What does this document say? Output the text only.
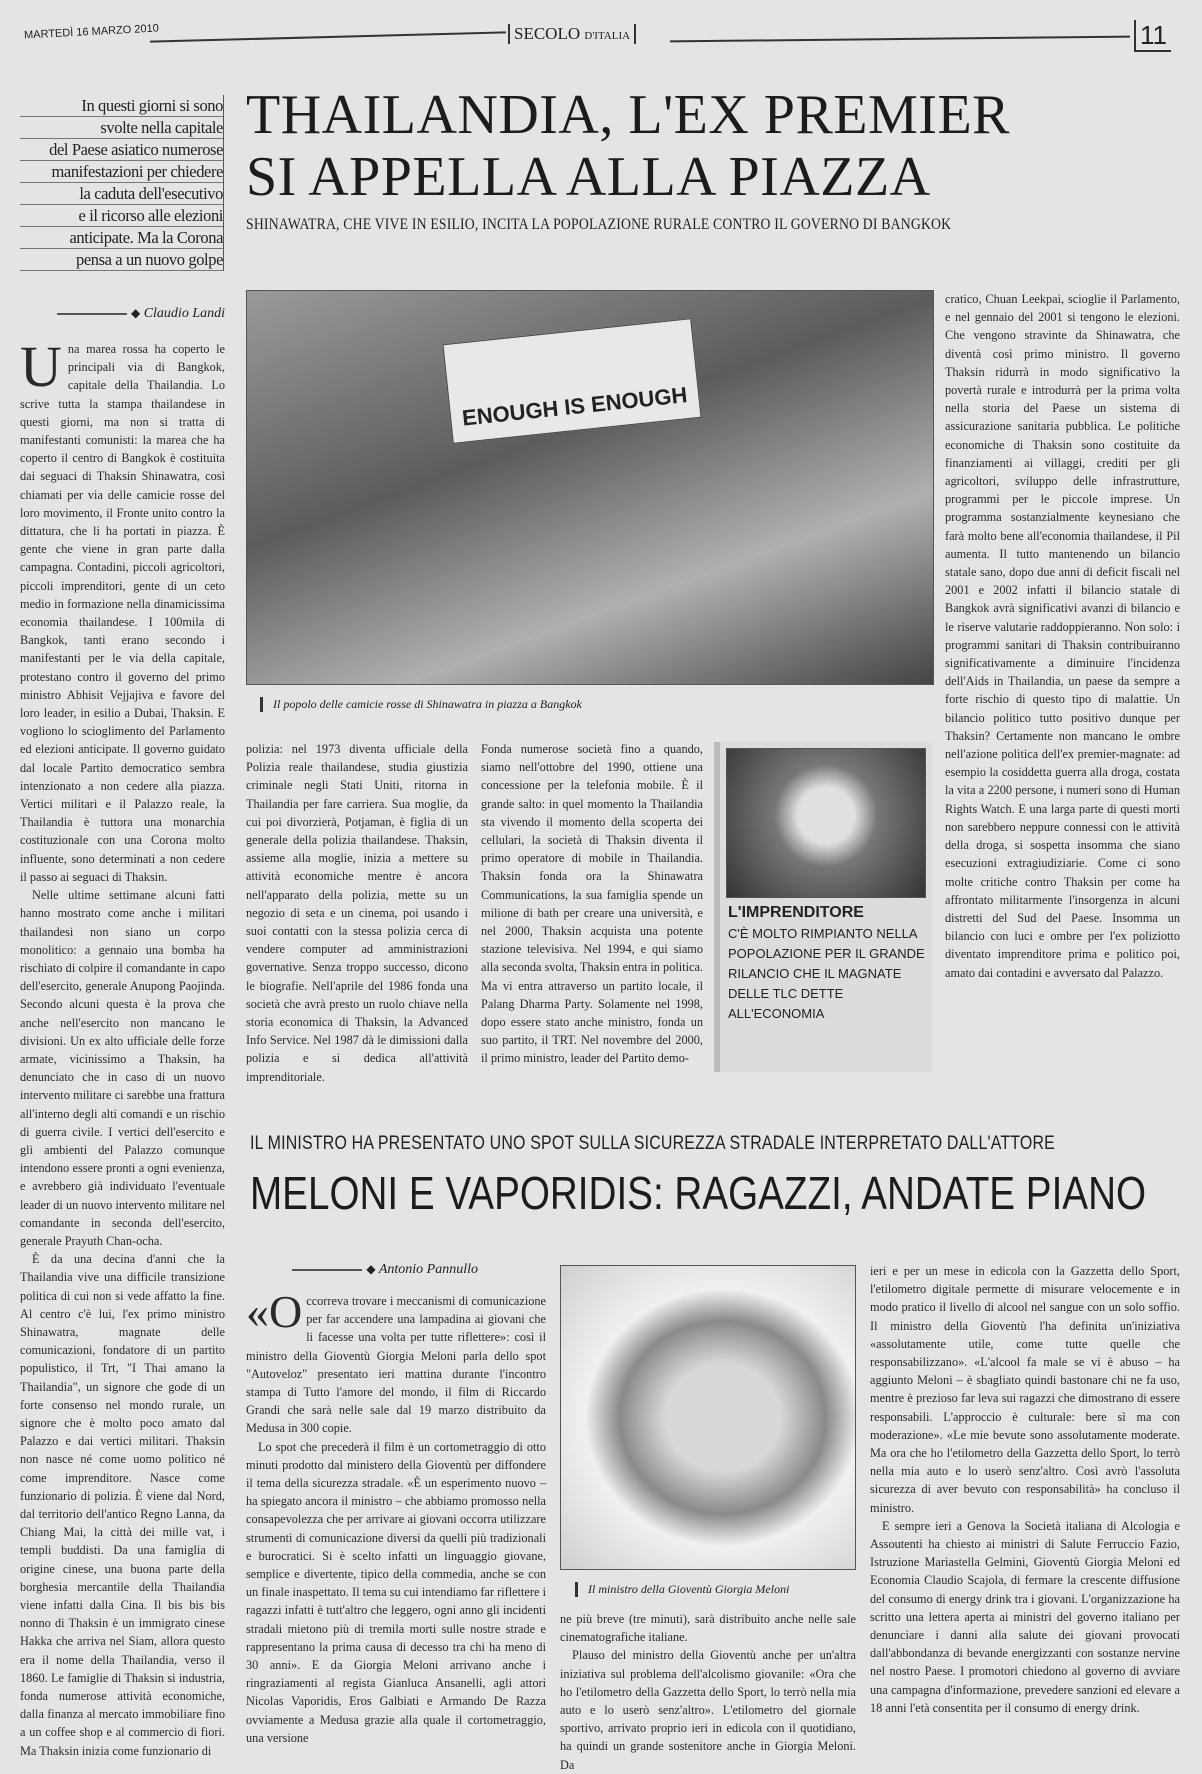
MARTEDÌ 16 MARZO 2010	SECOLO D'ITALIA	11
In questi giorni si sono
svolte nella capitale
del Paese asiatico numerose
manifestazioni per chiedere
la caduta dell'esecutivo
e il ricorso alle elezioni
anticipate. Ma la Corona
pensa a un nuovo golpe
THAILANDIA, L'EX PREMIER
SI APPELLA ALLA PIAZZA
SHINAWATRA, CHE VIVE IN ESILIO, INCITA LA POPOLAZIONE RURALE CONTRO IL GOVERNO DI BANGKOK
◆ Claudio Landi

Una marea rossa ha coperto le principali via di Bangkok, capitale della Thailandia. Lo scrive tutta la stampa thailandese in questi giorni, ma non si tratta di manifestanti comunisti: la marea che ha coperto il centro di Bangkok è costituita dai seguaci di Thaksin Shinawatra, così chiamati per via delle camicie rosse del loro movimento, il Fronte unito contro la dittatura, che li ha portati in piazza. È gente che viene in gran parte dalla campagna. Contadini, piccoli agricoltori, piccoli imprenditori, gente di un ceto medio in formazione nella dinamicissima economia thailandese. I 100mila di Bangkok, tanti erano secondo i manifestanti per le via della capitale, protestano contro il governo del primo ministro Abhisit Vejjajiva e favore del loro leader, in esilio a Dubai, Thaksin. E vogliono lo scioglimento del Parlamento ed elezioni anticipate. Il governo guidato dal locale Partito democratico sembra intenzionato a non cedere alla piazza. Vertici militari e il Palazzo reale, la Thailandia è tuttora una monarchia costituzionale con una Corona molto influente, sono determinati a non cedere il passo ai seguaci di Thaksin.

Nelle ultime settimane alcuni fatti hanno mostrato come anche i militari thailandesi non siano un corpo monolitico: a gennaio una bomba ha rischiato di colpire il comandante in capo dell'esercito, generale Anupong Paojinda. Secondo alcuni questa è la prova che anche nell'esercito non mancano le divisioni. Un ex alto ufficiale delle forze armate, vicinissimo a Thaksin, ha denunciato che in caso di un nuovo intervento militare ci sarebbe una frattura all'interno degli alti comandi e un rischio di guerra civile. I vertici dell'esercito e gli ambienti del Palazzo comunque intendono essere pronti a ogni evenienza, e avrebbero già individuato l'eventuale leader di un nuovo intervento militare nel comandante in seconda dell'esercito, generale Prayuth Chan-ocha.

È da una decina d'anni che la Thailandia vive una difficile transizione politica di cui non si vede affatto la fine. Al centro c'è lui, l'ex primo ministro Shinawatra, magnate delle comunicazioni, fondatore di un partito populistico, il Trt, "I Thai amano la Thailandia", un signore che gode di un forte consenso nel mondo rurale, un signore che è molto poco amato dal Palazzo e dai vertici militari. Thaksin non nasce né come uomo politico né come imprenditore. Nasce come funzionario di polizia. È viene dal Nord, dal territorio dell'antico Regno Lanna, da Chiang Mai, la città dei mille vat, i templi buddisti. Da una famiglia di origine cinese, una buona parte della borghesia mercantile della Thailandia viene infatti dalla Cina. Il bis bis bis nonno di Thaksin è un immigrato cinese Hakka che arriva nel Siam, allora questo era il nome della Thailandia, verso il 1860. Le famiglie di Thaksin si industria, fonda numerose attività economiche, dalla finanza al mercato immobiliare fino a un coffee shop e al commercio di fiori. Ma Thaksin inizia come funzionario di

ENOUGH IS ENOUGH
Il popolo delle camicie rosse di Shinawatra in piazza a Bangkok

polizia: nel 1973 diventa ufficiale della Polizia reale thailandese, studia giustizia criminale negli Stati Uniti, ritorna in Thailandia per fare carriera. Sua moglie, da cui poi divorzierà, Potjaman, è figlia di un generale della polizia thailandese. Thaksin, assieme alla moglie, inizia a mettere su attività economiche mentre è ancora nell'apparato della polizia, mette su un negozio di seta e un cinema, poi usando i suoi contatti con la stessa polizia cerca di vendere computer ad amministrazioni governative. Senza troppo successo, dicono le biografie. Nell'aprile del 1986 fonda una società che avrà presto un ruolo chiave nella storia economica di Thaksin, la Advanced Info Service. Nel 1987 dà le dimissioni dalla polizia e si dedica all'attività imprenditoriale.

Fonda numerose società fino a quando, siamo nell'ottobre del 1990, ottiene una concessione per la telefonia mobile. È il grande salto: in quel momento la Thailandia sta vivendo il momento della scoperta dei cellulari, la società di Thaksin diventa il primo operatore di mobile in Thailandia. Thaksin fonda ora la Shinawatra Communications, la sua famiglia spende un milione di bath per creare una università, e nel 2000, Thaksin acquista una potente stazione televisiva. Nel 1994, e qui siamo alla seconda svolta, Thaksin entra in politica. Ma vi entra attraverso un partito locale, il Palang Dharma Party. Solamente nel 1998, dopo essere stato anche ministro, fonda un suo partito, il TRT. Nel novembre del 2000, il primo ministro, leader del Partito demo-

L'IMPRENDITORE
C'È MOLTO RIMPIANTO NELLA POPOLAZIONE PER IL GRANDE RILANCIO CHE IL MAGNATE DELLE TLC DETTE ALL'ECONOMIA

cratico, Chuan Leekpai, scioglie il Parlamento, e nel gennaio del 2001 si tengono le elezioni. Che vengono stravinte da Shinawatra, che diventà così primo ministro. Il governo Thaksin ridurrà in modo significativo la povertà rurale e introdurrà per la prima volta nella storia del Paese un sistema di assicurazione sanitaria pubblica. Le politiche economiche di Thaksin sono costituite da finanziamenti ai villaggi, crediti per gli agricoltori, sviluppo delle infrastrutture, programmi per le piccole imprese. Un programma sostanzialmente keynesiano che farà molto bene all'economia thailandese, il Pil aumenta. Il tutto mantenendo un bilancio statale sano, dopo due anni di deficit fiscali nel 2001 e 2002 infatti il bilancio statale di Bangkok avrà significativi avanzi di bilancio e le riserve valutarie raddoppieranno. Non solo: i programmi sanitari di Thaksin contribuiranno significativamente a diminuire l'incidenza dell'Aids in Thailandia, un paese da sempre a forte rischio di questo tipo di malattie. Un bilancio politico tutto positivo dunque per Thaksin? Certamente non mancano le ombre nell'azione politica dell'ex premier-magnate: ad esempio la cosiddetta guerra alla droga, costata la vita a 2200 persone, i numeri sono di Human Rights Watch. E una larga parte di questi morti non sarebbero neppure connessi con le attività della droga, si sospetta insomma che siano esecuzioni extragiudiziarie. Come ci sono molte critiche contro Thaksin per come ha affrontato militarmente l'insorgenza in alcuni distretti del Sud del Paese. Insomma un bilancio con luci e ombre per l'ex poliziotto diventato imprenditore prima e politico poi, amato dai contadini e avversato dal Palazzo.

IL MINISTRO HA PRESENTATO UNO SPOT SULLA SICUREZZA STRADALE INTERPRETATO DALL'ATTORE
MELONI E VAPORIDIS: RAGAZZI, ANDATE PIANO
◆ Antonio Pannullo

«Occorreva trovare i meccanismi di comunicazione per far accendere una lampadina ai giovani che li facesse una volta per tutte riflettere»: così il ministro della Gioventù Giorgia Meloni parla dello spot "Autoveloz" presentato ieri mattina durante l'incontro stampa di Tutto l'amore del mondo, il film di Riccardo Grandi che sarà nelle sale dal 19 marzo distribuito da Medusa in 300 copie.

Lo spot che precederà il film è un cortometraggio di otto minuti prodotto dal ministero della Gioventù per diffondere il tema della sicurezza stradale. «È un esperimento nuovo – ha spiegato ancora il ministro – che abbiamo promosso nella consapevolezza che per arrivare ai giovani occorra utilizzare strumenti di comunicazione diversi da quelli più tradizionali e burocratici. Si è scelto infatti un linguaggio giovane, semplice e divertente, tipico della commedia, anche se con un finale inaspettato. Il tema su cui intendiamo far riflettere i ragazzi infatti è tutt'altro che leggero, ogni anno gli incidenti stradali mietono più di tremila morti sulle nostre strade e rappresentano la prima causa di decesso tra chi ha meno di 30 anni». E da Giorgia Meloni arrivano anche i ringraziamenti al regista Gianluca Ansanelli, agli attori Nicolas Vaporidis, Eros Galbiati e Armando De Razza ovviamente a Medusa grazie alla quale il cortometraggio, una versione

Il ministro della Gioventù Giorgia Meloni

ne più breve (tre minuti), sarà distribuito anche nelle sale cinematografiche italiane.

Plauso del ministro della Gioventù anche per un'altra iniziativa sul problema dell'alcolismo giovanile: «Ora che ho l'etilometro della Gazzetta dello Sport, lo terrò nella mia auto e lo userò senz'altro». L'etilometro del giornale sportivo, arrivato proprio ieri in edicola con il quotidiano, ha quindi un grande sostenitore anche in Giorgia Meloni. Da

ieri e per un mese in edicola con la Gazzetta dello Sport, l'etilometro digitale permette di misurare velocemente e in modo pratico il livello di alcool nel sangue con un solo soffio. Il ministro della Gioventù l'ha definita un'iniziativa «assolutamente utile, come tutte quelle che responsabilizzano». «L'alcool fa male se vi è abuso – ha aggiunto Meloni – è sbagliato quindi bastonare chi ne fa uso, mentre è prezioso far leva sui ragazzi che dimostrano di essere responsabili. L'approccio è culturale: bere sì ma con moderazione». «Le mie bevute sono assolutamente moderate. Ma ora che ho l'etilometro della Gazzetta dello Sport, lo terrò nella mia auto e lo userò senz'altro. Così avrò l'assoluta sicurezza di aver bevuto con responsabilità» ha concluso il ministro.

E sempre ieri a Genova la Società italiana di Alcologia e Assoutenti ha chiesto ai ministri di Salute Ferruccio Fazio, Istruzione Mariastella Gelmini, Gioventù Giorgia Meloni ed Economia Claudio Scajola, di fermare la crescente diffusione del consumo di energy drink tra i giovani. L'organizzazione ha scritto una lettera aperta ai ministri del governo italiano per denunciare i danni alla salute dei giovani provocati dall'abbondanza di bevande energizzanti con sostanze nervine nel nostro Paese. I promotori chiedono al governo di avviare una campagna d'informazione, prevedere sanzioni ed elevare a 18 anni l'età consentita per il consumo di energy drink.
